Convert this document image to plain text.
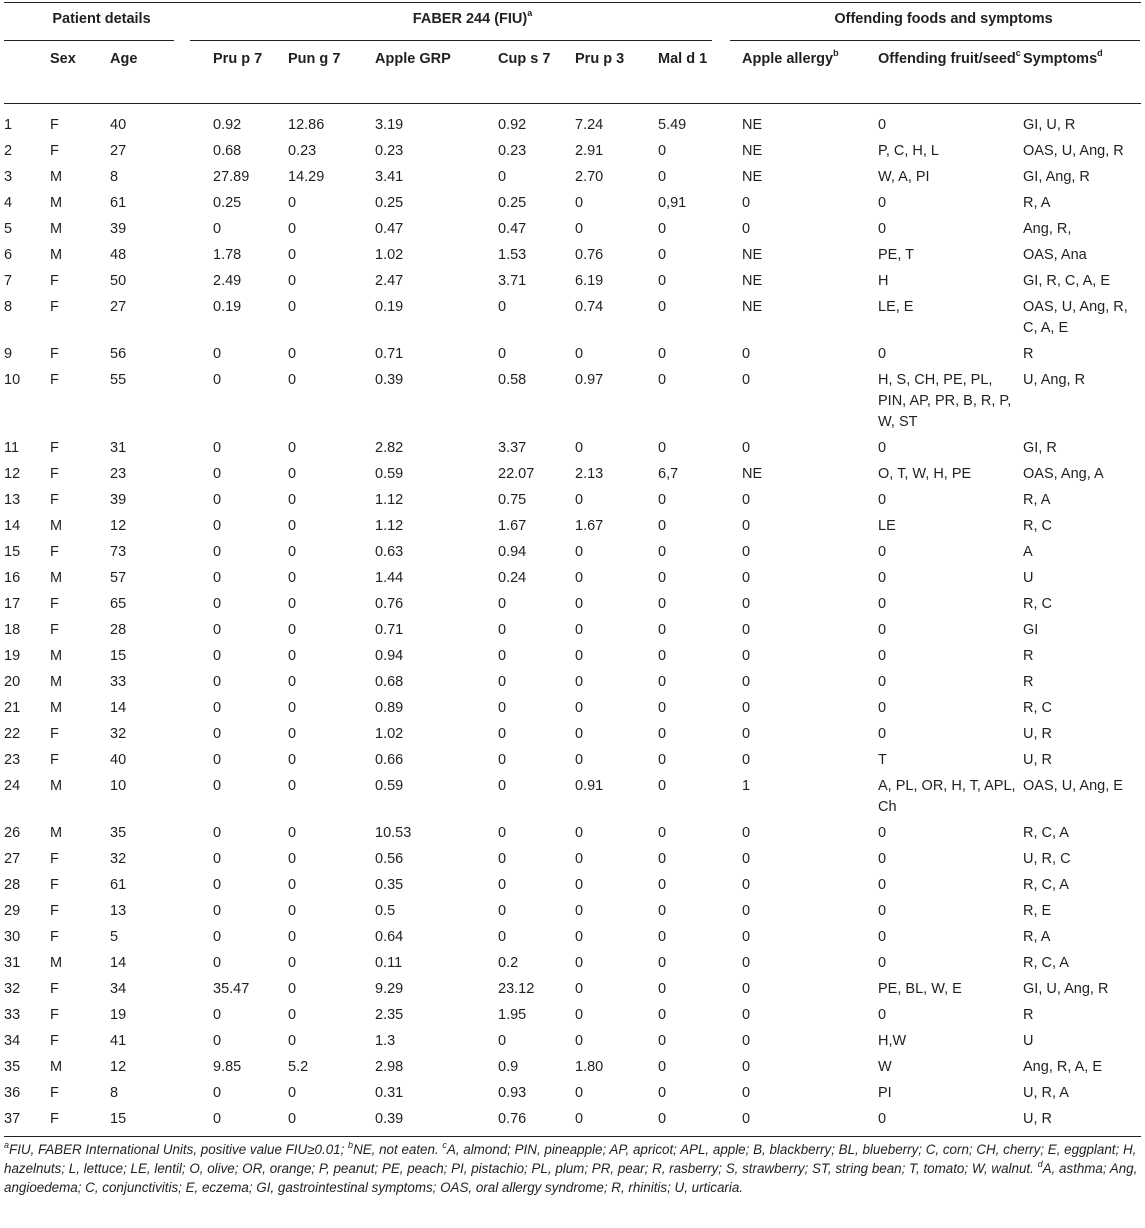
Patient details			FABER 244 (FIU)$^a$						Offending foods and symptoms		
	Sex	Age	Pru p 7	Pun g 7	Apple GRP	Cup s 7	Pru p 3	Mal d 1	Apple allergy$^b$	Offending fruit/seed$^c$	Symptoms$^d$
1	F	40	0.92	12.86	3.19	0.92	7.24	5.49	NE	0	GI, U, R
2	F	27	0.68	0.23	0.23	0.23	2.91	0	NE	P, C, H, L	OAS, U, Ang, R
3	M	8	27.89	14.29	3.41	0	2.70	0	NE	W, A, PI	GI, Ang, R
4	M	61	0.25	0	0.25	0.25	0	0,91	0	0	R, A
5	M	39	0	0	0.47	0.47	0	0	0	0	Ang, R,
6	M	48	1.78	0	1.02	1.53	0.76	0	NE	PE, T	OAS, Ana
7	F	50	2.49	0	2.47	3.71	6.19	0	NE	H	GI, R, C, A, E
8	F	27	0.19	0	0.19	0	0.74	0	NE	LE, E	OAS, U, Ang, R, C, A, E
9	F	56	0	0	0.71	0	0	0	0	0	R
10	F	55	0	0	0.39	0.58	0.97	0	0	H, S, CH, PE, PL, PIN, AP, PR, B, R, P, W, ST	U, Ang, R
11	F	31	0	0	2.82	3.37	0	0	0	0	GI, R
12	F	23	0	0	0.59	22.07	2.13	6,7	NE	O, T, W, H, PE	OAS, Ang, A
13	F	39	0	0	1.12	0.75	0	0	0	0	R, A
14	M	12	0	0	1.12	1.67	1.67	0	0	LE	R, C
15	F	73	0	0	0.63	0.94	0	0	0	0	A
16	M	57	0	0	1.44	0.24	0	0	0	0	U
17	F	65	0	0	0.76	0	0	0	0	0	R, C
18	F	28	0	0	0.71	0	0	0	0	0	GI
19	M	15	0	0	0.94	0	0	0	0	0	R
20	M	33	0	0	0.68	0	0	0	0	0	R
21	M	14	0	0	0.89	0	0	0	0	0	R, C
22	F	32	0	0	1.02	0	0	0	0	0	U, R
23	F	40	0	0	0.66	0	0	0	0	T	U, R
24	M	10	0	0	0.59	0	0.91	0	1	A, PL, OR, H, T, APL, Ch	OAS, U, Ang, E
26	M	35	0	0	10.53	0	0	0	0	0	R, C, A
27	F	32	0	0	0.56	0	0	0	0	0	U, R, C
28	F	61	0	0	0.35	0	0	0	0	0	R, C, A
29	F	13	0	0	0.5	0	0	0	0	0	R, E
30	F	5	0	0	0.64	0	0	0	0	0	R, A
31	M	14	0	0	0.11	0.2	0	0	0	0	R, C, A
32	F	34	35.47	0	9.29	23.12	0	0	0	PE, BL, W, E	GI, U, Ang, R
33	F	19	0	0	2.35	1.95	0	0	0	0	R
34	F	41	0	0	1.3	0	0	0	0	H,W	U
35	M	12	9.85	5.2	2.98	0.9	1.80	0	0	W	Ang, R, A, E
36	F	8	0	0	0.31	0.93	0	0	0	PI	U, R, A
37	F	15	0	0	0.39	0.76	0	0	0	0	U, R
$^a$FIU, FABER International Units, positive value FIU≥0.01; $^b$NE, not eaten. $^c$A, almond; PIN, pineapple; AP, apricot; APL, apple; B, blackberry; BL, blueberry; C, corn; CH, cherry; E, eggplant; H, hazelnuts; L, lettuce; LE, lentil; O, olive; OR, orange; P, peanut; PE, peach; PI, pistachio; PL, plum; PR, pear; R, rasberry; S, strawberry; ST, string bean; T, tomato; W, walnut. $^d$A, asthma; Ang, angioedema; C, conjunctivitis; E, eczema; GI, gastrointestinal symptoms; OAS, oral allergy syndrome; R, rhinitis; U, urticaria.
